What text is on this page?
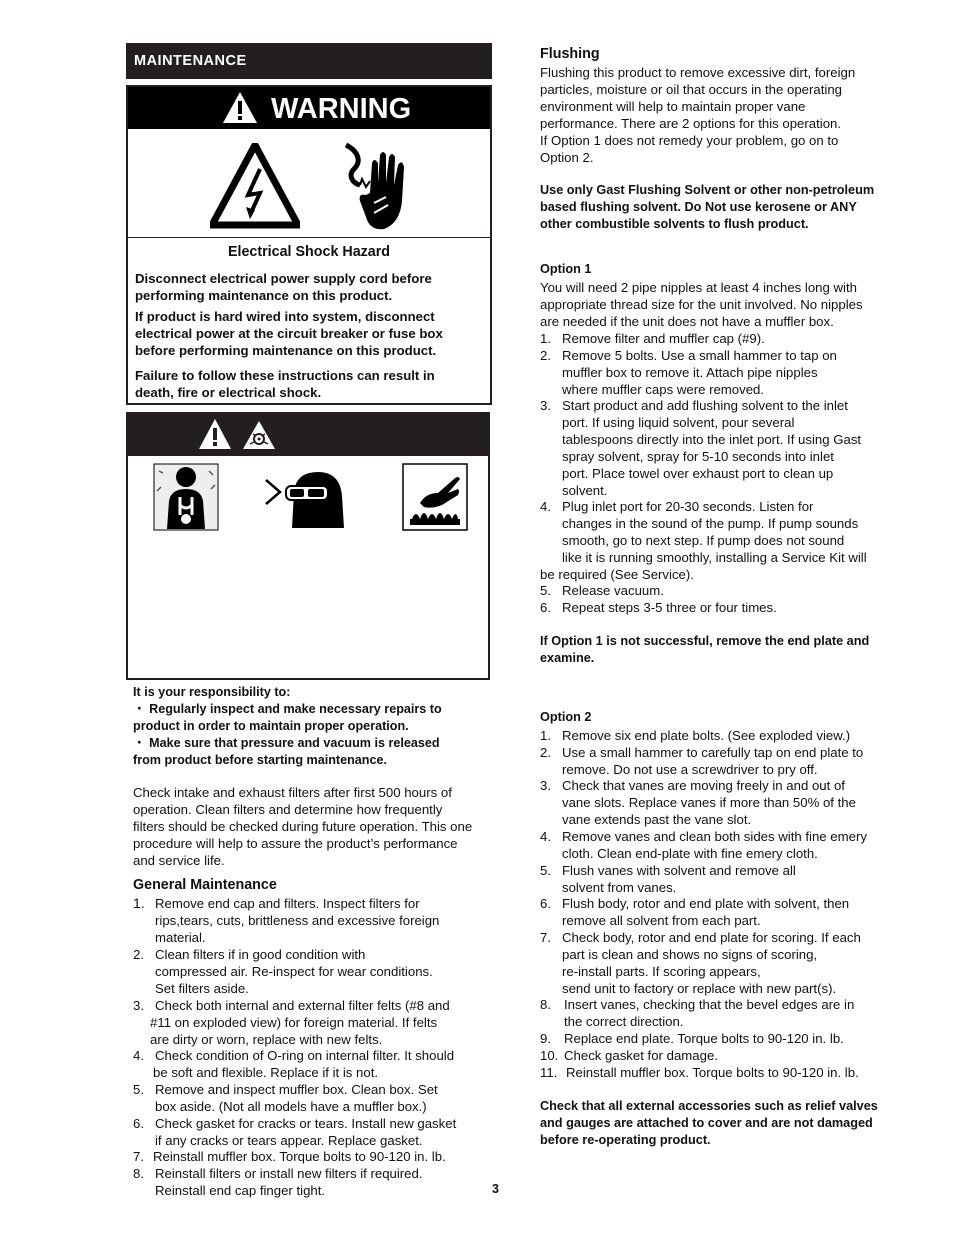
MAINTENANCE
WARNING
Electrical Shock Hazard
Disconnect electrical power supply cord before
performing maintenance on this product.
If product is hard wired into system, disconnect
electrical power at the circuit breaker or fuse box
before performing maintenance on this product.
Failure to follow these instructions can result in
death, fire or electrical shock.
It is your responsibility to:
・ Regularly inspect and make necessary repairs to
product in order to maintain proper operation.
・ Make sure that pressure and vacuum is released
from product before starting maintenance.
Check intake and exhaust filters after first 500 hours of
operation. Clean filters and determine how frequently
filters should be checked during future operation. This one
procedure will help to assure the product’s performance
and service life.
General Maintenance
1. Remove end cap and filters. Inspect filters for
rips,tears, cuts, brittleness and excessive foreign
material.
2. Clean filters if in good condition with
compressed air. Re-inspect for wear conditions.
Set filters aside.
3. Check both internal and external filter felts (#8 and
#11 on exploded view) for foreign material. If felts
are dirty or worn, replace with new felts.
4. Check condition of O-ring on internal filter. It should
be soft and flexible. Replace if it is not.
5. Remove and inspect muffler box. Clean box. Set
box aside. (Not all models have a muffler box.)
6. Check gasket for cracks or tears. Install new gasket
if any cracks or tears appear. Replace gasket.
7. Reinstall muffler box. Torque bolts to 90-120 in. lb.
8. Reinstall filters or install new filters if required.
Reinstall end cap finger tight.	3
Flushing
Flushing this product to remove excessive dirt, foreign
particles, moisture or oil that occurs in the operating
environment will help to maintain proper vane
performance. There are 2 options for this operation.
If Option 1 does not remedy your problem, go on to
Option 2.
Use only Gast Flushing Solvent or other non-petroleum
based flushing solvent. Do Not use kerosene or ANY
other combustible solvents to flush product.
Option 1
You will need 2 pipe nipples at least 4 inches long with
appropriate thread size for the unit involved. No nipples
are needed if the unit does not have a muffler box.
1. Remove filter and muffler cap (#9).
2. Remove 5 bolts. Use a small hammer to tap on
muffler box to remove it. Attach pipe nipples
where muffler caps were removed.
3. Start product and add flushing solvent to the inlet
port. If using liquid solvent, pour several
tablespoons directly into the inlet port. If using Gast
spray solvent, spray for 5-10 seconds into inlet
port. Place towel over exhaust port to clean up
solvent.
4. Plug inlet port for 20-30 seconds. Listen for
changes in the sound of the pump. If pump sounds
smooth, go to next step. If pump does not sound
like it is running smoothly, installing a Service Kit will
be required (See Service).
5. Release vacuum.
6. Repeat steps 3-5 three or four times.
If Option 1 is not successful, remove the end plate and
examine.
Option 2
1. Remove six end plate bolts. (See exploded view.)
2. Use a small hammer to carefully tap on end plate to
remove. Do not use a screwdriver to pry off.
3. Check that vanes are moving freely in and out of
vane slots. Replace vanes if more than 50% of the
vane extends past the vane slot.
4. Remove vanes and clean both sides with fine emery
cloth. Clean end-plate with fine emery cloth.
5. Flush vanes with solvent and remove all
solvent from vanes.
6. Flush body, rotor and end plate with solvent, then
remove all solvent from each part.
7. Check body, rotor and end plate for scoring. If each
part is clean and shows no signs of scoring,
re-install parts. If scoring appears,
send unit to factory or replace with new part(s).
8. Insert vanes, checking that the bevel edges are in
the correct direction.
9. Replace end plate. Torque bolts to 90-120 in. lb.
10. Check gasket for damage.
11. Reinstall muffler box. Torque bolts to 90-120 in. lb.
Check that all external accessories such as relief valves
and gauges are attached to cover and are not damaged
before re-operating product.
